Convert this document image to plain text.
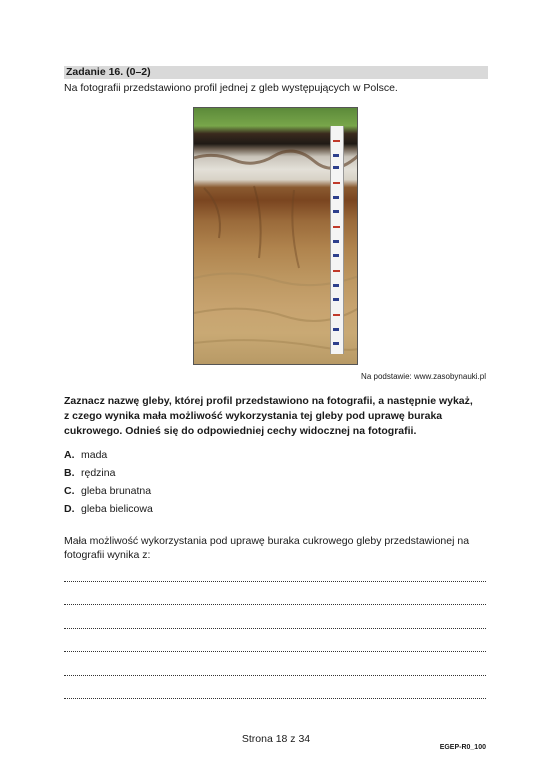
Zadanie 16. (0–2)
Na fotografii przedstawiono profil jednej z gleb występujących w Polsce.
Na podstawie: www.zasobynauki.pl
Zaznacz nazwę gleby, której profil przedstawiono na fotografii, a następnie wykaż,
z czego wynika mała możliwość wykorzystania tej gleby pod uprawę buraka
cukrowego. Odnieś się do odpowiedniej cechy widocznej na fotografii.
A. mada
B. rędzina
C. gleba brunatna
D. gleba bielicowa
Mała możliwość wykorzystania pod uprawę buraka cukrowego gleby przedstawionej na
fotografii wynika z:
Strona 18 z 34
EGEP-R0_100
